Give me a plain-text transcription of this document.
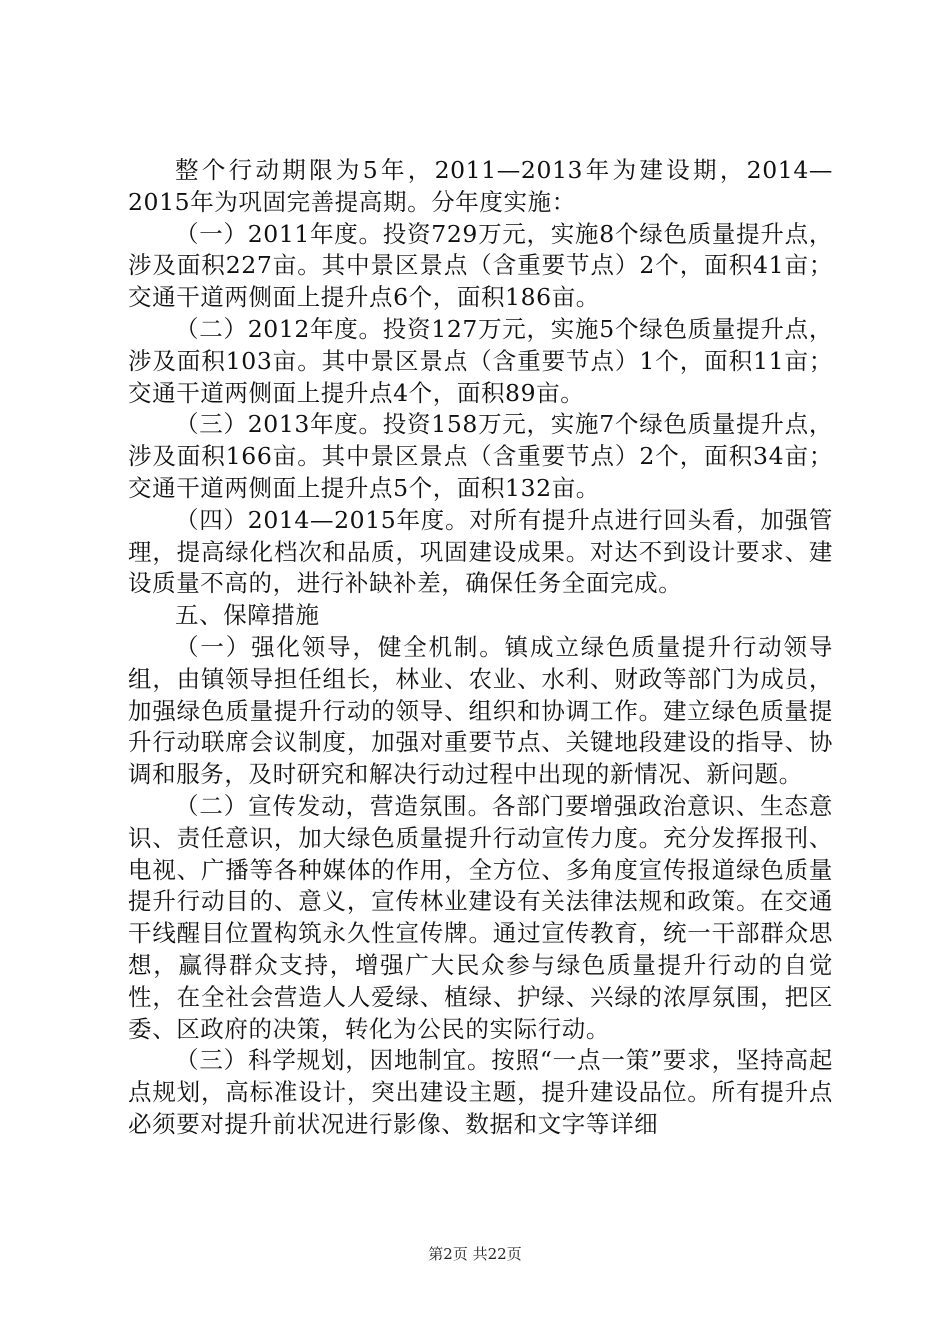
整个行动期限为5年，2011—2013年为建设期，2014—2015年为巩固完善提高期。分年度实施：

（一）2011年度。投资729万元，实施8个绿色质量提升点，涉及面积227亩。其中景区景点（含重要节点）2个，面积41亩；交通干道两侧面上提升点6个，面积186亩。

（二）2012年度。投资127万元，实施5个绿色质量提升点，涉及面积103亩。其中景区景点（含重要节点）1个，面积11亩；交通干道两侧面上提升点4个，面积89亩。

（三）2013年度。投资158万元，实施7个绿色质量提升点，涉及面积166亩。其中景区景点（含重要节点）2个，面积34亩；交通干道两侧面上提升点5个，面积132亩。

（四）2014—2015年度。对所有提升点进行回头看，加强管理，提高绿化档次和品质，巩固建设成果。对达不到设计要求、建设质量不高的，进行补缺补差，确保任务全面完成。

五、保障措施

（一）强化领导，健全机制。镇成立绿色质量提升行动领导组，由镇领导担任组长，林业、农业、水利、财政等部门为成员，加强绿色质量提升行动的领导、组织和协调工作。建立绿色质量提升行动联席会议制度，加强对重要节点、关键地段建设的指导、协调和服务，及时研究和解决行动过程中出现的新情况、新问题。

（二）宣传发动，营造氛围。各部门要增强政治意识、生态意识、责任意识，加大绿色质量提升行动宣传力度。充分发挥报刊、电视、广播等各种媒体的作用，全方位、多角度宣传报道绿色质量提升行动目的、意义，宣传林业建设有关法律法规和政策。在交通干线醒目位置构筑永久性宣传牌。通过宣传教育，统一干部群众思想，赢得群众支持，增强广大民众参与绿色质量提升行动的自觉性，在全社会营造人人爱绿、植绿、护绿、兴绿的浓厚氛围，把区委、区政府的决策，转化为公民的实际行动。

（三）科学规划，因地制宜。按照“一点一策”要求，坚持高起点规划，高标准设计，突出建设主题，提升建设品位。所有提升点必须要对提升前状况进行影像、数据和文字等详细

第2页 共22页
